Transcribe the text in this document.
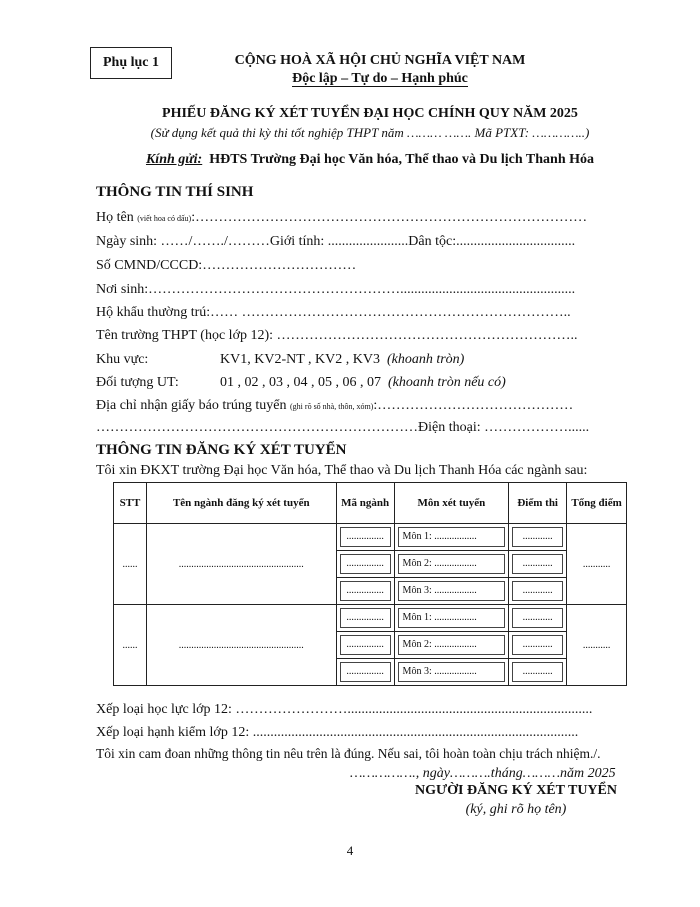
Phụ lục 1	CỘNG HOÀ XÃ HỘI CHỦ NGHĨA VIỆT NAM
Độc lập – Tự do – Hạnh phúc
PHIẾU ĐĂNG KÝ XÉT TUYỂN ĐẠI HỌC CHÍNH QUY NĂM 2025
(Sử dụng kết quả thi kỳ thi tốt nghiệp THPT năm ……… ……. Mã PTXT: …………..)
Kính gửi: HĐTS Trường Đại học Văn hóa, Thể thao và Du lịch Thanh Hóa
THÔNG TIN THÍ SINH
Họ tên (viết hoa có dấu):…………………………………………………………………………
Ngày sinh: ……/……./………Giới tính: .......................Dân tộc:..................................
Số CMND/CCCD:……………………………
Nơi sinh:………………………………………………..................................................
Hộ khẩu thường trú:…… ……………………………………………………………..
Tên trường THPT (học lớp 12): ………………………………………………………..
Khu vực:	KV1, KV2-NT , KV2 , KV3 (khoanh tròn)
Đối tượng UT:	01 , 02 , 03 , 04 , 05 , 06 , 07 (khoanh tròn nếu có)
Địa chỉ nhận giấy báo trúng tuyển (ghi rõ số nhà, thôn, xóm):……………………………………
……………………………………………………………Điện thoại: ………………......
THÔNG TIN ĐĂNG KÝ XÉT TUYỂN
Tôi xin ĐKXT trường Đại học Văn hóa, Thể thao và Du lịch Thanh Hóa các ngành sau:
STT	Tên ngành đăng ký xét tuyển	Mã ngành	Môn xét tuyển	Điểm thi	Tổng điểm
......	..................................................	...............	Môn 1: .................	............	...........

		...............	Môn 2: .................	............	

		...............	Môn 3: .................	............	

......	..................................................	...............	Môn 1: .................	............	...........

		...............	Môn 2: .................	............	

		...............	Môn 3: .................	............	
Xếp loại học lực lớp 12: ……………………......................................................................
Xếp loại hạnh kiểm lớp 12: .............................................................................................
Tôi xin cam đoan những thông tin nêu trên là đúng. Nếu sai, tôi hoàn toàn chịu trách nhiệm./.
……………., ngày……….tháng………năm 2025
NGƯỜI ĐĂNG KÝ XÉT TUYỂN
(ký, ghi rõ họ tên)
4
